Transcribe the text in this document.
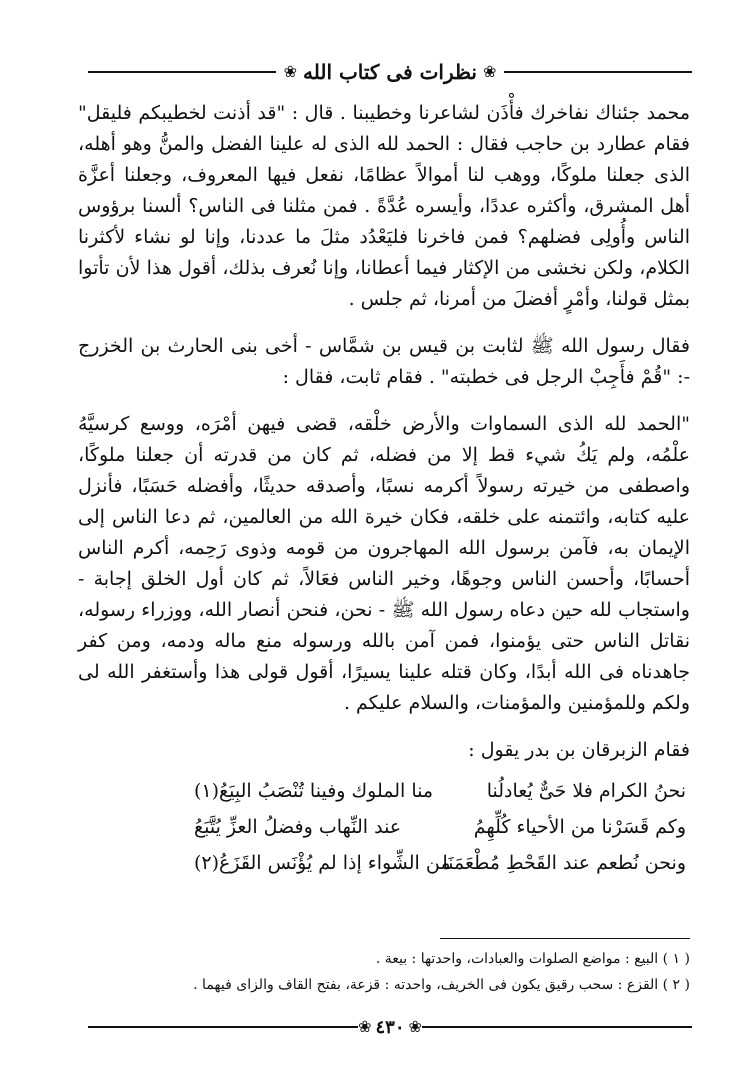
❀
نظرات فى كتاب الله
❀

محمد جئناك نفاخرك فأْذَن لشاعرنا وخطيبنا . قال : "قد أذنت لخطيبكم فليقل" فقام عطارد بن حاجب فقال : الحمد لله الذى له علينا الفضل والمنُّ وهو أهله، الذى جعلنا ملوكًا، ووهب لنا أموالاً عظامًا، نفعل فيها المعروف، وجعلنا أعزَّة أهل المشرق، وأكثره عددًا، وأيسره عُدَّةً . فمن مثلنا فى الناس؟ ألسنا برؤوس الناس وأُولِى فضلهم؟ فمن فاخرنا فليَعْدُد مثلَ ما عددنا، وإنا لو نشاء لأكثرنا الكلام، ولكن نخشى من الإكثار فيما أعطانا، وإنا نُعرف بذلك، أقول هذا لأن تأتوا بمثل قولنا، وأمْرٍ أفضلَ من أمرنا، ثم جلس .

فقال رسول الله ﷺ لثابت بن قيس بن شمَّاس - أخى بنى الحارث بن الخزرج -: "قُمْ فأَجِبْ الرجل فى خطبته" . فقام ثابت، فقال :

"الحمد لله الذى السماوات والأرض خلْقه، قضى فيهن أمْرَه، ووسع كرسيَّهُ علْمُه، ولم يَكُ شيء قط إلا من فضله، ثم كان من قدرته أن جعلنا ملوكًا، واصطفى من خيرته رسولاً أكرمه نسبًا، وأصدقه حديثًا، وأفضله حَسَبًا، فأنزل عليه كتابه، وائتمنه على خلقه، فكان خيرة الله من العالمين، ثم دعا الناس إلى الإيمان به، فآمن برسول الله المهاجرون من قومه وذوى رَحِمه، أكرم الناس أحسابًا، وأحسن الناس وجوهًا، وخير الناس فعَالاً، ثم كان أول الخلق إجابة - واستجاب لله حين دعاه رسول الله ﷺ - نحن، فنحن أنصار الله، ووزراء رسوله، نقاتل الناس حتى يؤمنوا، فمن آمن بالله ورسوله منع ماله ودمه، ومن كفر جاهدناه فى الله أبدًا، وكان قتله علينا يسيرًا، أقول قولى هذا وأستغفر الله لى ولكم وللمؤمنين والمؤمنات، والسلام عليكم .

فقام الزبرقان بن بدر يقول :

نحنُ الكرام فلا حَىٌّ يُعادلُنا
منا الملوك وفينا تُنْصَبُ البِيَعُ(١)
وكم قَسَرْنا من الأحياء كُلِّهِمُ
عند النِّهاب وفضلُ العزِّ يُتَّبَعُ
ونحن نُطعم عند القَحْطِ مُطْعَمَنَا
من الشِّواء إذا لم يُؤْنَس القَزَعُ(٢)

( ١ ) البيع : مواضع الصلوات والعبادات، واحدتها : بيعة .

( ٢ ) القزع : سحب رقيق يكون فى الخريف، واحدته : قزعة، بفتح القاف والزاى فيهما .

❀ ٤٣٠ ❀
